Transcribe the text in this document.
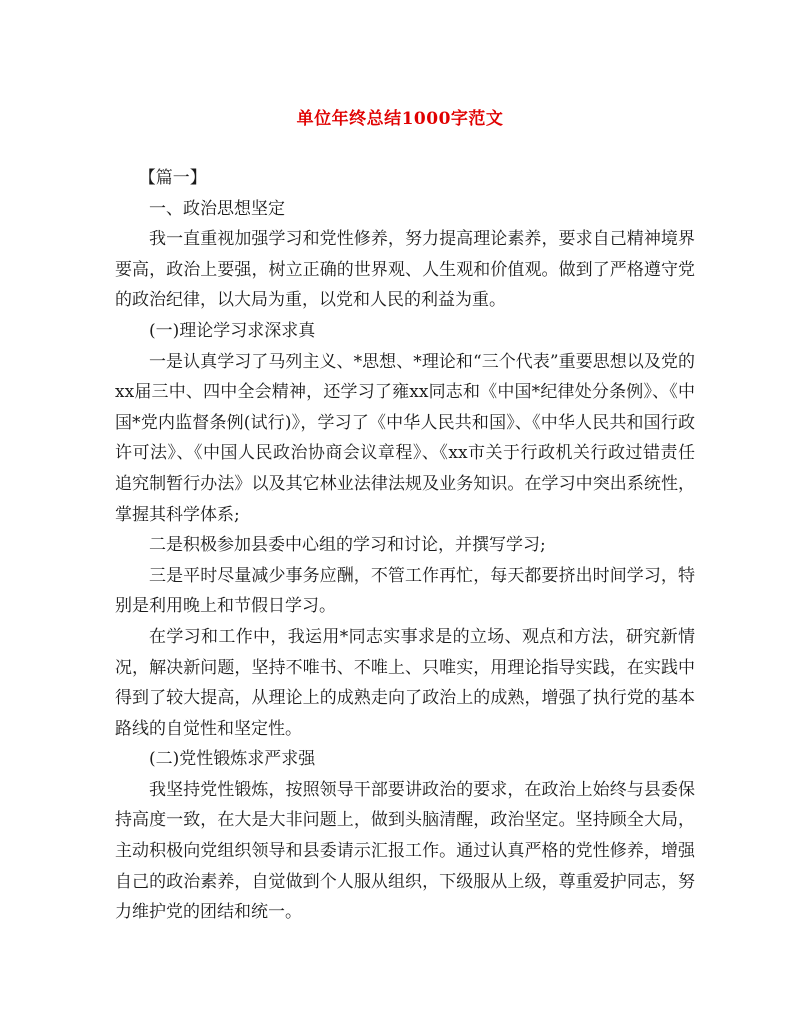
单位年终总结1000字范文

【篇一】

一、政治思想坚定

我一直重视加强学习和党性修养，努力提高理论素养，要求自己精神境界要高，政治上要强，树立正确的世界观、人生观和价值观。做到了严格遵守党的政治纪律，以大局为重，以党和人民的利益为重。

(一)理论学习求深求真

一是认真学习了马列主义、*思想、*理论和“三个代表”重要思想以及党的xx届三中、四中全会精神，还学习了雍xx同志和《中国*纪律处分条例》、《中国*党内监督条例(试行)》，学习了《中华人民共和国》、《中华人民共和国行政许可法》、《中国人民政治协商会议章程》、《xx市关于行政机关行政过错责任追究制暂行办法》以及其它林业法律法规及业务知识。在学习中突出系统性，掌握其科学体系;

二是积极参加县委中心组的学习和讨论，并撰写学习;

三是平时尽量减少事务应酬，不管工作再忙，每天都要挤出时间学习，特别是利用晚上和节假日学习。

在学习和工作中，我运用*同志实事求是的立场、观点和方法，研究新情况，解决新问题，坚持不唯书、不唯上、只唯实，用理论指导实践，在实践中得到了较大提高，从理论上的成熟走向了政治上的成熟，增强了执行党的基本路线的自觉性和坚定性。

(二)党性锻炼求严求强

我坚持党性锻炼，按照领导干部要讲政治的要求，在政治上始终与县委保持高度一致，在大是大非问题上，做到头脑清醒，政治坚定。坚持顾全大局，主动积极向党组织领导和县委请示汇报工作。通过认真严格的党性修养，增强自己的政治素养，自觉做到个人服从组织，下级服从上级，尊重爱护同志，努力维护党的团结和统一。
